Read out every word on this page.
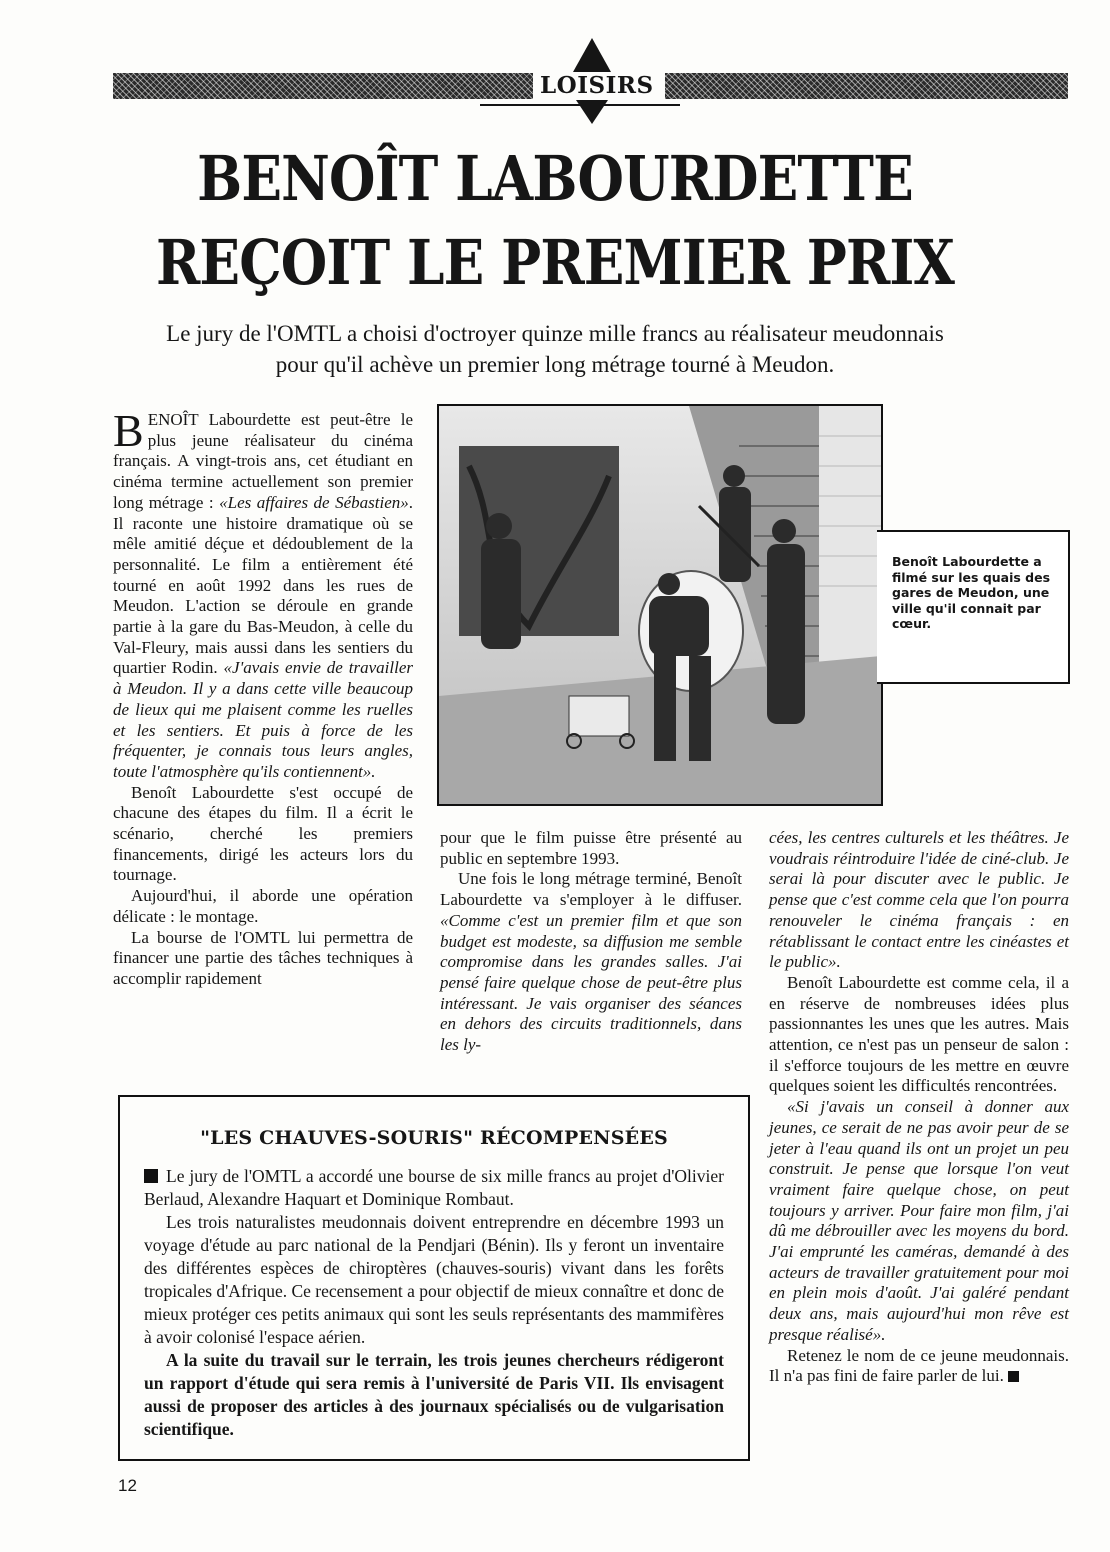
LOISIRS
BENOÎT LABOURDETTE
REÇOIT LE PREMIER PRIX
Le jury de l'OMTL a choisi d'octroyer quinze mille francs au réalisateur meudonnais
pour qu'il achève un premier long métrage tourné à Meudon.

BENOÎT Labourdette est peut-être le plus jeune réalisateur du cinéma français. A vingt-trois ans, cet étudiant en cinéma termine actuellement son premier long métrage : «Les affaires de Sébastien». Il raconte une histoire dramatique où se mêle amitié déçue et dédoublement de la personnalité. Le film a entièrement été tourné en août 1992 dans les rues de Meudon. L'action se déroule en grande partie à la gare du Bas-Meudon, à celle du Val-Fleury, mais aussi dans les sentiers du quartier Rodin. «J'avais envie de travailler à Meudon. Il y a dans cette ville beaucoup de lieux qui me plaisent comme les ruelles et les sentiers. Et puis à force de les fréquenter, je connais tous leurs angles, toute l'atmosphère qu'ils contiennent».

Benoît Labourdette s'est occupé de chacune des étapes du film. Il a écrit le scénario, cherché les premiers financements, dirigé les acteurs lors du tournage.

Aujourd'hui, il aborde une opération délicate : le montage.

La bourse de l'OMTL lui permettra de financer une partie des tâches techniques à accomplir rapidement

Benoît Labourdette a filmé sur les quais des gares de Meudon, une ville qu'il connait par cœur.

pour que le film puisse être présenté au public en septembre 1993.

Une fois le long métrage terminé, Benoît Labourdette va s'employer à le diffuser. «Comme c'est un premier film et que son budget est modeste, sa diffusion me semble compromise dans les grandes salles. J'ai pensé faire quelque chose de peut-être plus intéressant. Je vais organiser des séances en dehors des circuits traditionnels, dans les ly-

cées, les centres culturels et les théâtres. Je voudrais réintroduire l'idée de ciné-club. Je serai là pour discuter avec le public. Je pense que c'est comme cela que l'on pourra renouveler le cinéma français : en rétablissant le contact entre les cinéastes et le public».

Benoît Labourdette est comme cela, il a en réserve de nombreuses idées plus passionnantes les unes que les autres. Mais attention, ce n'est pas un penseur de salon : il s'efforce toujours de les mettre en œuvre quelques soient les difficultés rencontrées.

«Si j'avais un conseil à donner aux jeunes, ce serait de ne pas avoir peur de se jeter à l'eau quand ils ont un projet un peu construit. Je pense que lorsque l'on veut vraiment faire quelque chose, on peut toujours y arriver. Pour faire mon film, j'ai dû me débrouiller avec les moyens du bord. J'ai emprunté les caméras, demandé à des acteurs de travailler gratuitement pour moi en plein mois d'août. J'ai galéré pendant deux ans, mais aujourd'hui mon rêve est presque réalisé».

Retenez le nom de ce jeune meudonnais. Il n'a pas fini de faire parler de lui.

"LES CHAUVES-SOURIS" RÉCOMPENSÉES

Le jury de l'OMTL a accordé une bourse de six mille francs au projet d'Olivier Berlaud, Alexandre Haquart et Dominique Rombaut.

Les trois naturalistes meudonnais doivent entreprendre en décembre 1993 un voyage d'étude au parc national de la Pendjari (Bénin). Ils y feront un inventaire des différentes espèces de chiroptères (chauves-souris) vivant dans les forêts tropicales d'Afrique. Ce recensement a pour objectif de mieux connaître et donc de mieux protéger ces petits animaux qui sont les seuls représentants des mammifères à avoir colonisé l'espace aérien.

A la suite du travail sur le terrain, les trois jeunes chercheurs rédigeront un rapport d'étude qui sera remis à l'université de Paris VII. Ils envisagent aussi de proposer des articles à des journaux spécialisés ou de vulgarisation scientifique.

12
